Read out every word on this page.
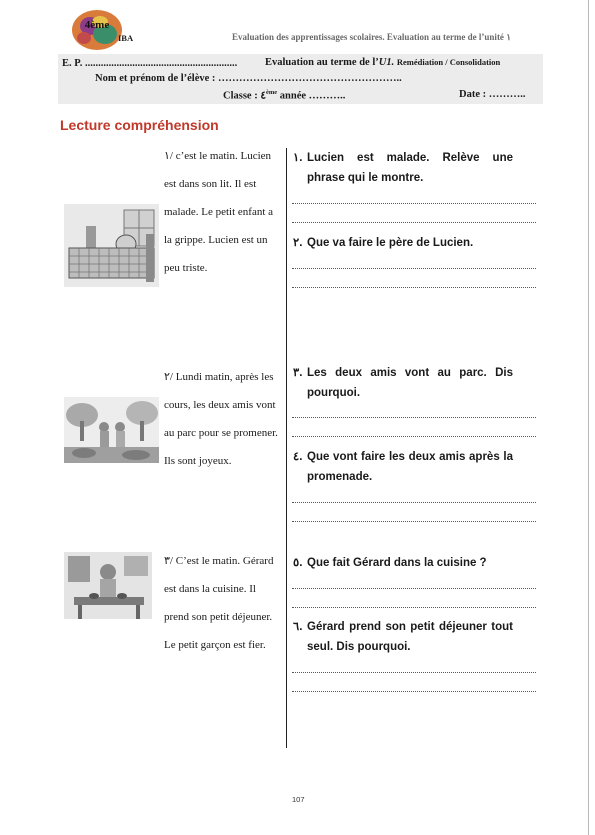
4ème
IBA	Evaluation des apprentissages scolaires. Evaluation au terme de l’unité ١
E. P. ..........................................................	Evaluation au terme de l’U1. Remédiation / Consolidation
Nom et prénom de l’élève : ……………………………………………..
Classe : ٤ème année ………..	Date : ………..
Lecture compréhension
١/ c’est le matin. Lucien est dans son lit. Il est malade. Le petit enfant a la grippe. Lucien est un peu triste.
٢/ Lundi matin, après les cours, les deux amis vont au parc pour se promener. Ils sont joyeux.
٣/ C’est le matin. Gérard est dans la cuisine. Il prend son petit déjeuner. Le petit garçon est fier.
١. Lucien est malade. Relève une phrase qui le montre.
٢. Que va faire le père de Lucien.
٣. Les deux amis vont au parc. Dis pourquoi.
٤. Que vont faire les deux amis après la promenade.
٥. Que fait Gérard dans la cuisine ?
٦. Gérard prend son petit déjeuner tout seul. Dis pourquoi.
107
